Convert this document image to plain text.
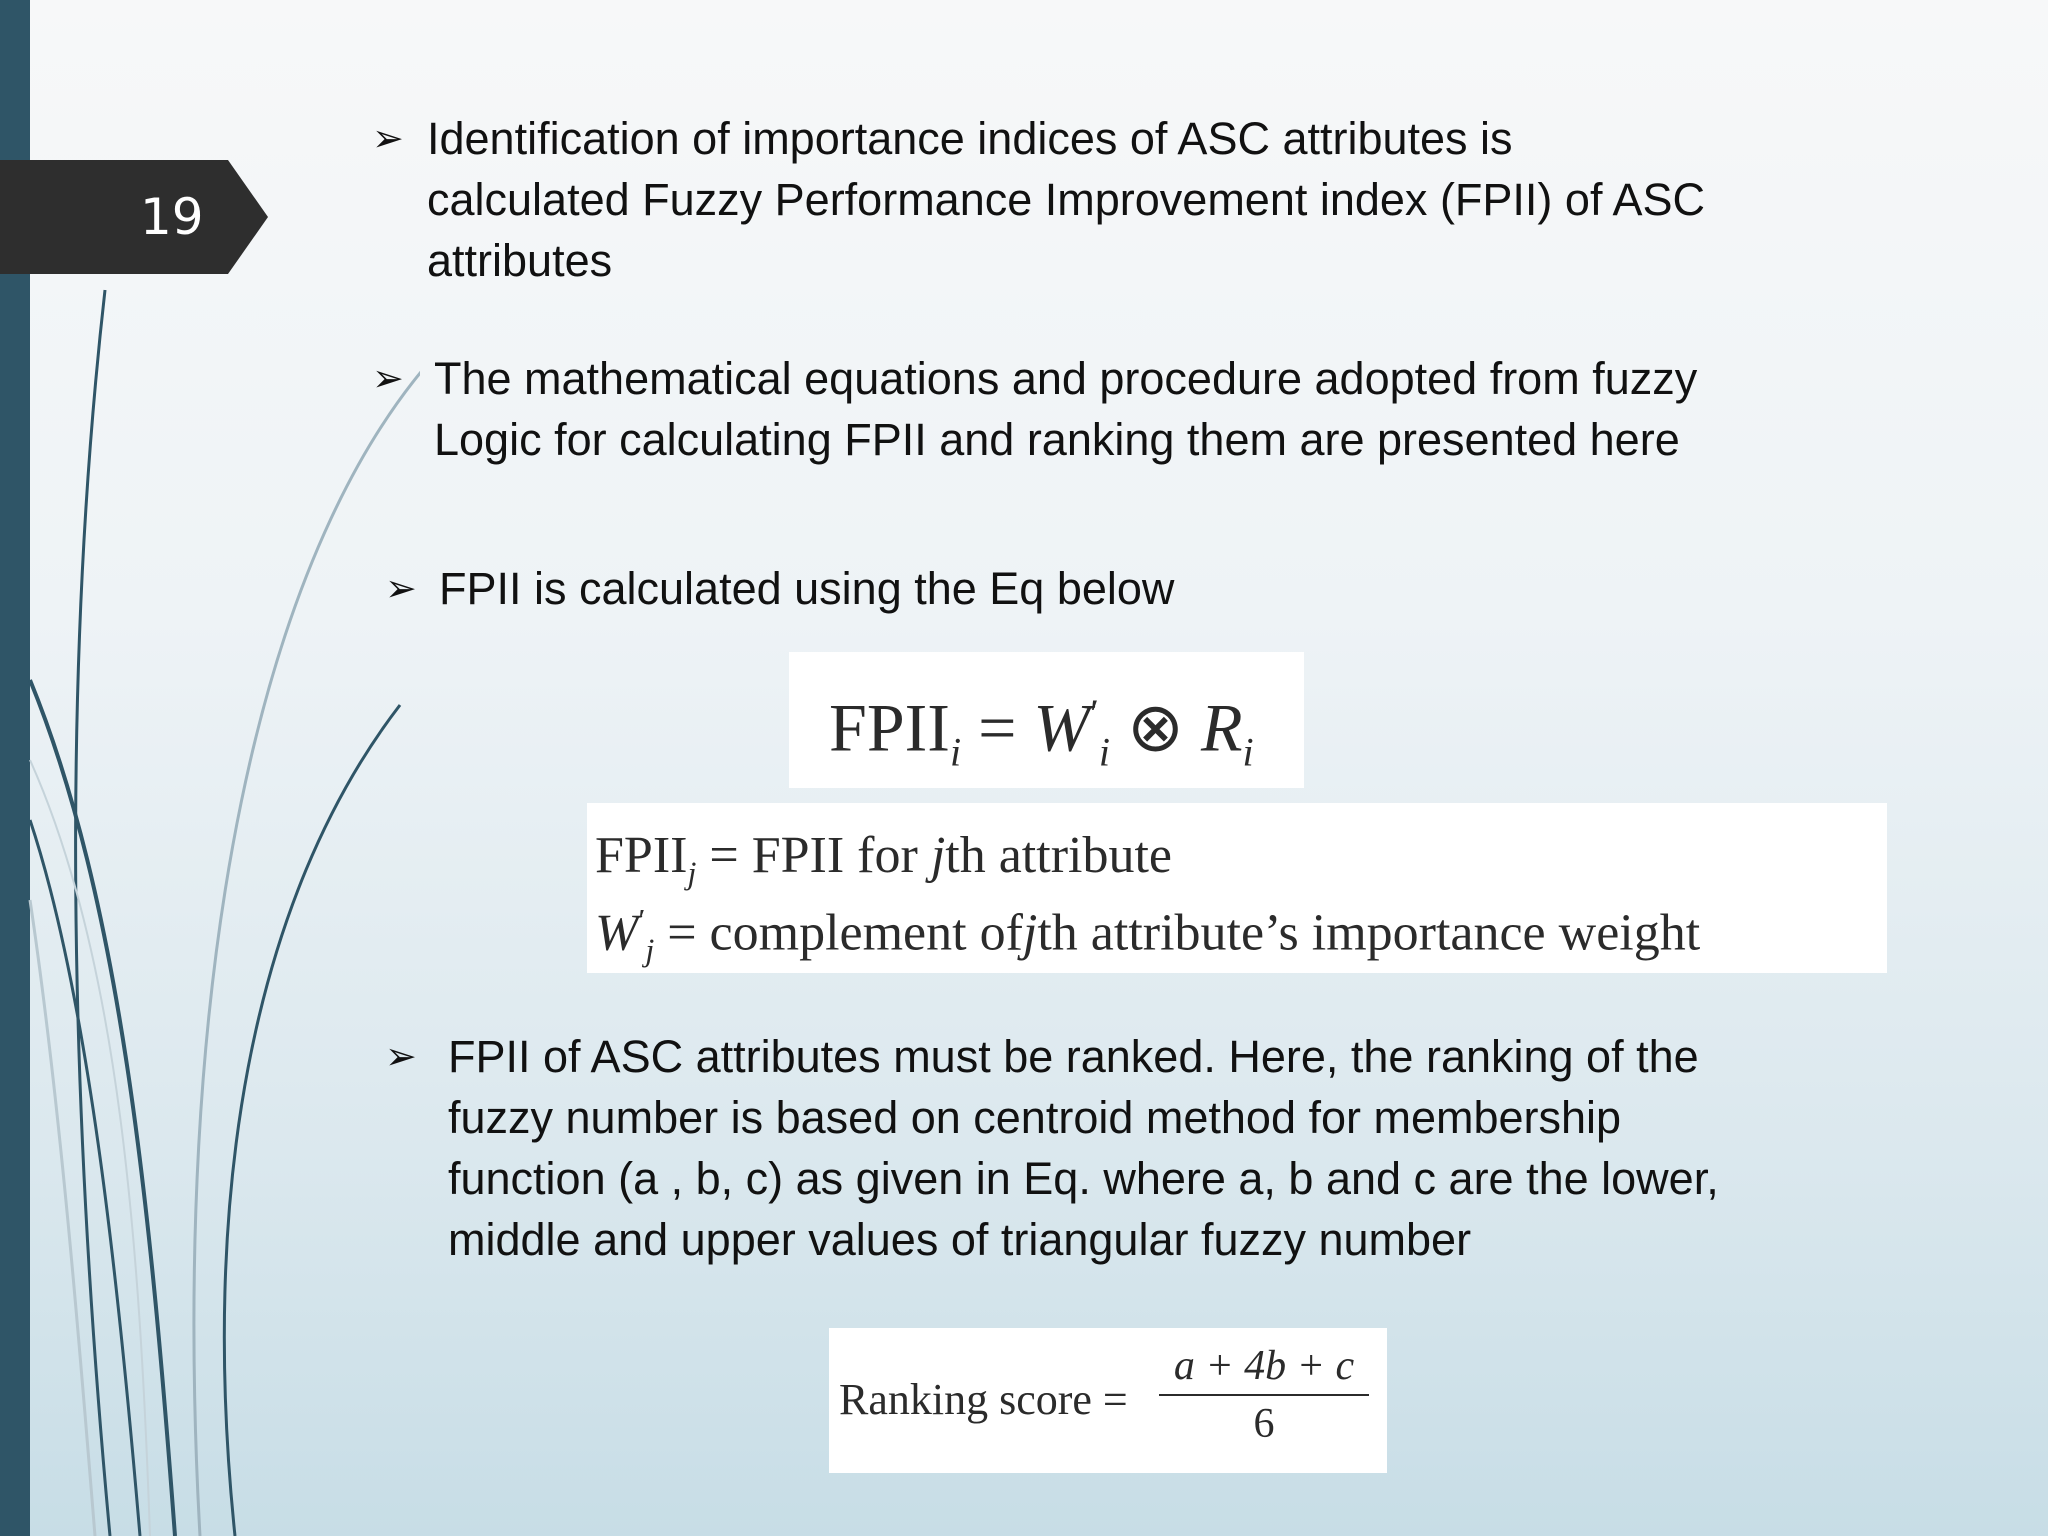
19
➢ Identification of importance indices of ASC attributes is
calculated Fuzzy Performance Improvement index (FPII) of ASC
attributes
➢ The mathematical equations and procedure adopted from fuzzy
Logic for calculating FPII and ranking them are presented here
➢ FPII is calculated using the Eq below
$FPII_i = W'_i$ ⊗ $R_i$
$FPII_j$ = FPII for jth attribute
$W'_j$ = complement ofjth attribute’s importance weight
➢ FPII of ASC attributes must be ranked. Here, the ranking of the
fuzzy number is based on centroid method for membership
function (a , b, c) as given in Eq. where a, b and c are the lower,
middle and upper values of triangular fuzzy number
Ranking score =
a + 4b + c
6
